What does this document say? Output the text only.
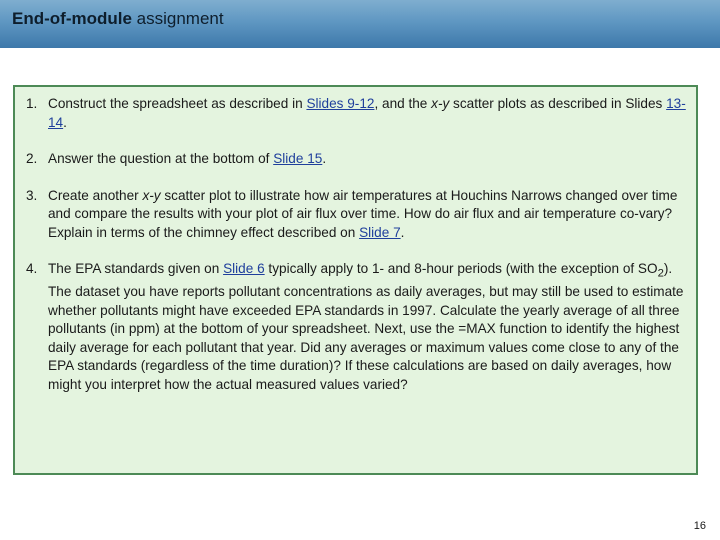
End-of-module assignment
1. Construct the spreadsheet as described in Slides 9-12, and the x-y scatter plots as described in Slides 13-14.
2. Answer the question at the bottom of Slide 15.
3. Create another x-y scatter plot to illustrate how air temperatures at Houchins Narrows changed over time and compare the results with your plot of air flux over time. How do air flux and air temperature co-vary? Explain in terms of the chimney effect described on Slide 7.
4. The EPA standards given on Slide 6 typically apply to 1- and 8-hour periods (with the exception of $SO_2$). The dataset you have reports pollutant concentrations as daily averages, but may still be used to estimate whether pollutants might have exceeded EPA standards in 1997. Calculate the yearly average of all three pollutants (in ppm) at the bottom of your spreadsheet. Next, use the =MAX function to identify the highest daily average for each pollutant that year. Did any averages or maximum values come close to any of the EPA standards (regardless of the time duration)? If these calculations are based on daily averages, how might you interpret how the actual measured values varied?
16
